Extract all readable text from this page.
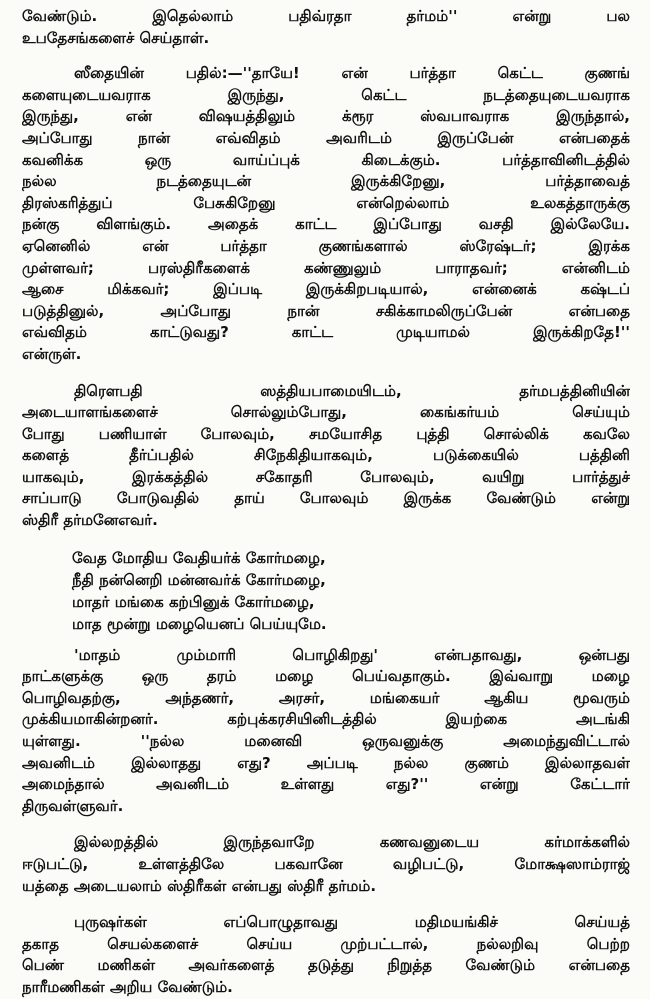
வேண்டும். இதெல்லாம் பதிவ்ரதா தர்மம்'' என்று பல
உபதேசங்களைச் செய்தாள்.
ஸீதையின் பதில்:—''தாயே! என் பர்த்தா கெட்ட குணங்
களையுடையவராக இருந்து, கெட்ட நடத்தையுடையவராக
இருந்து, என் விஷயத்திலும் க்ரூர ஸ்வபாவராக இருந்தால்,
அப்போது நான் எவ்விதம் அவரிடம் இருப்பேன் என்பதைக்
கவனிக்க ஒரு வாய்ப்புக் கிடைக்கும். பர்த்தாவினிடத்தில்
நல்ல நடத்தையுடன் இருக்கிறேனு, பர்த்தாவைத்
திரஸ்கரித்துப் பேசுகிறேனு என்றெல்லாம் உலகத்தாருக்கு
நன்கு விளங்கும். அதைக் காட்ட இப்போது வசதி இல்லேயே.
ஏனெனில் என் பர்த்தா குணங்களால் ஸ்ரேஷ்டர்; இரக்க
முள்ளவர்; பரஸ்திரீகளைக் கண்ணுலும் பாராதவர்; என்னிடம்
ஆசை மிக்கவர்; இப்படி இருக்கிறபடியால், என்னைக் கஷ்டப்
படுத்தினுல், அப்போது நான் சகிக்காமலிருப்பேன் என்பதை
எவ்விதம் காட்டுவது? காட்ட முடியாமல் இருக்கிறதே!''
என்ருள்.
திரௌபதி ஸத்தியபாமையிடம், தர்மபத்தினியின்
அடையாளங்களைச் சொல்லும்போது, கைங்கர்யம் செய்யும்
போது பணியாள் போலவும், சமயோசித புத்தி சொல்லிக் கவலே
களைத் தீர்ப்பதில் சிநேகிதியாகவும், படுக்கையில் பத்தினி
யாகவும், இரக்கத்தில் சகோதரி போலவும், வயிறு பார்த்துச்
சாப்பாடு போடுவதில் தாய் போலவும் இருக்க வேண்டும் என்று
ஸ்திரீ தர்மனேஎவர்.
வேத மோதிய வேதியர்க் கோர்மழை,
நீதி நன்னெறி மன்னவர்க் கோர்மழை,
மாதர் மங்கை கற்பினுக் கோர்மழை,
மாத மூன்று மழையெனப் பெய்யுமே.
'மாதம் மும்மாரி பொழிகிறது' என்பதாவது, ஒன்பது
நாட்களுக்கு ஒரு தரம் மழை பெய்வதாகும். இவ்வாறு மழை
பொழிவதற்கு, அந்தணர், அரசர், மங்கையர் ஆகிய மூவரும்
முக்கியமாகின்றனர். கற்புக்கரசியினிடத்தில் இயற்கை அடங்கி
யுள்ளது. ''நல்ல மனைவி ஒருவனுக்கு அமைந்துவிட்டால்
அவனிடம் இல்லாதது எது? அப்படி நல்ல குணம் இல்லாதவள்
அமைந்தால் அவனிடம் உள்ளது எது?'' என்று கேட்டார்
திருவள்ளுவர்.
இல்லறத்தில் இருந்தவாறே கணவனுடைய கர்மாக்களில்
ஈடுபட்டு, உள்ளத்திலே பகவானே வழிபட்டு, மோக்ஷஸாம்ராஜ்
யத்தை அடையலாம் ஸ்திரீகள் என்பது ஸ்திரீ தர்மம்.
புருஷர்கள் எப்பொழுதாவது மதிமயங்கிச் செய்யத்
தகாத செயல்களைச் செய்ய முற்பட்டால், நல்லறிவு பெற்ற
பெண் மணிகள் அவர்களைத் தடுத்து நிறுத்த வேண்டும் என்பதை
நாரீமணிகள் அறிய வேண்டும்.
